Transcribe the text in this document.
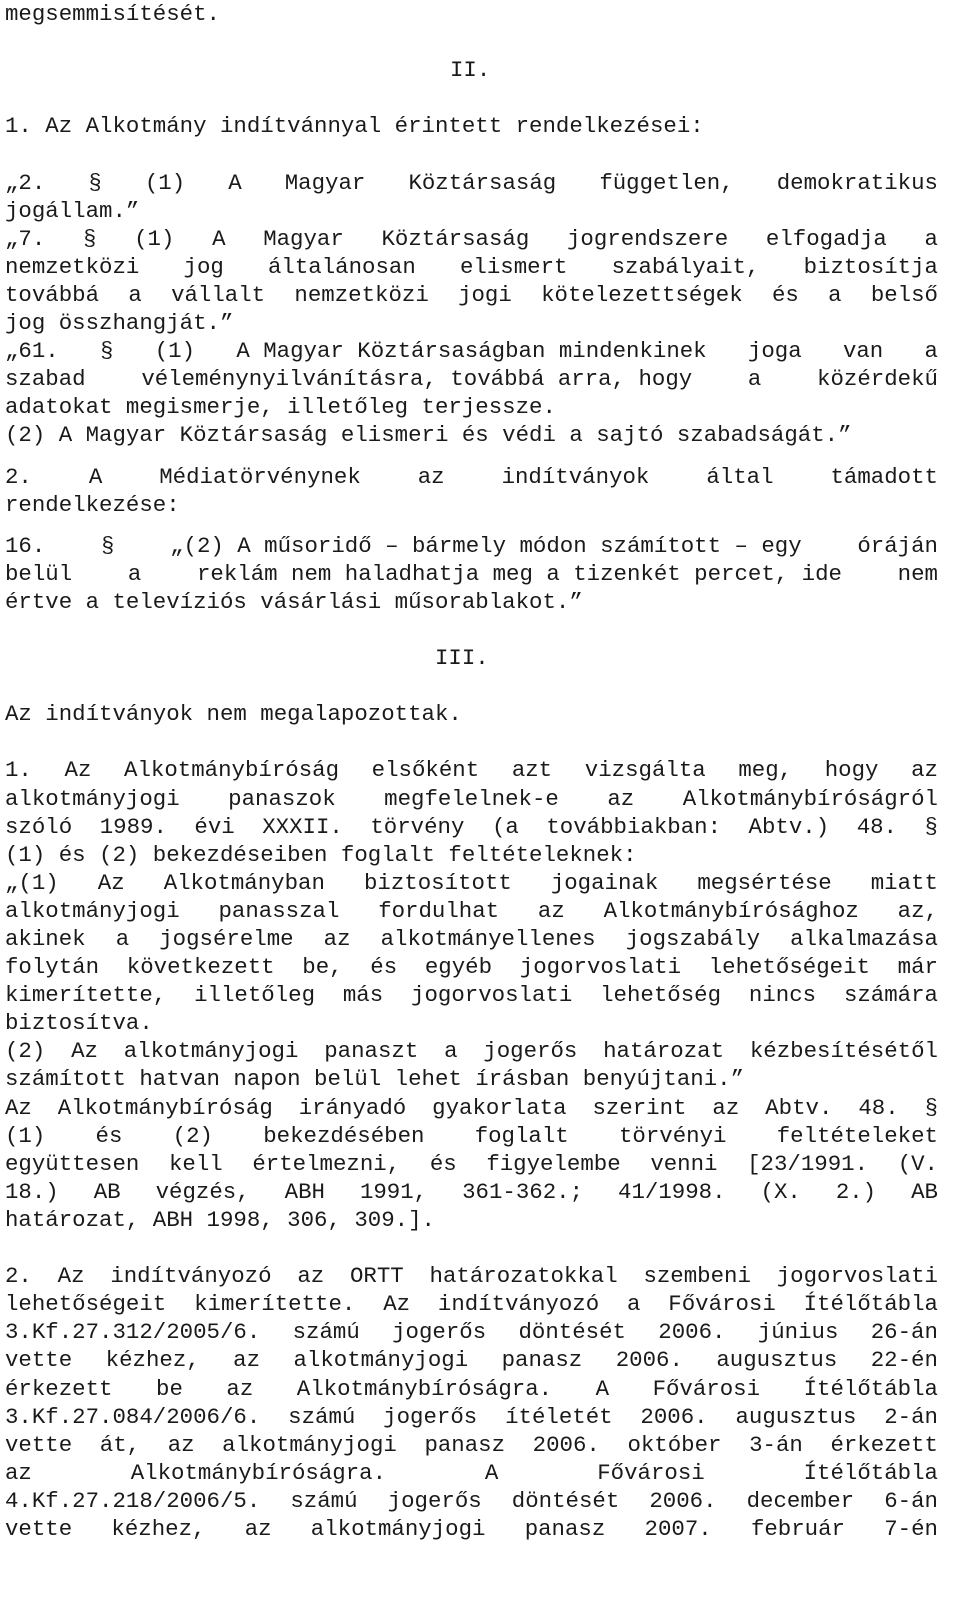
megsemmisítését.
II.
1. Az Alkotmány indítvánnyal érintett rendelkezései:
„2. § (1) A Magyar Köztársaság független, demokratikus
jogállam.”
„7. § (1) A Magyar Köztársaság jogrendszere elfogadja a
nemzetközi jog általánosan elismert szabályait, biztosítja
továbbá a vállalt nemzetközi jogi kötelezettségek és a belső
jog összhangját.”
„61. § (1) A Magyar Köztársaságban mindenkinek joga van a
szabad véleménynyilvánításra, továbbá arra, hogy a közérdekű
adatokat megismerje, illetőleg terjessze.
(2) A Magyar Köztársaság elismeri és védi a sajtó szabadságát.”
2.	A	Médiatörvénynek	az	indítványok	által	támadott
rendelkezése:
16. § „(2) A műsoridő – bármely módon számított – egy óráján
belül a reklám nem haladhatja meg a tizenkét percet, ide nem
értve a televíziós vásárlási műsorablakot.”
III.
Az indítványok nem megalapozottak.
1. Az Alkotmánybíróság elsőként azt vizsgálta meg, hogy az
alkotmányjogi panaszok megfelelnek-e az Alkotmánybíróságról
szóló 1989. évi XXXII. törvény (a továbbiakban: Abtv.) 48. §
(1) és (2) bekezdéseiben foglalt feltételeknek:
„(1) Az Alkotmányban biztosított jogainak megsértése miatt
alkotmányjogi panasszal fordulhat az Alkotmánybírósághoz az,
akinek a jogsérelme az alkotmányellenes jogszabály alkalmazása
folytán következett be, és egyéb jogorvoslati lehetőségeit már
kimerítette, illetőleg más jogorvoslati lehetőség nincs számára
biztosítva.
(2) Az alkotmányjogi panaszt a jogerős határozat kézbesítésétől
számított hatvan napon belül lehet írásban benyújtani.”
Az Alkotmánybíróság irányadó gyakorlata szerint az Abtv. 48. §
(1) és (2) bekezdésében foglalt törvényi feltételeket
együttesen kell értelmezni, és figyelembe venni [23/1991. (V.
18.) AB végzés, ABH 1991, 361-362.; 41/1998. (X. 2.) AB
határozat, ABH 1998, 306, 309.].
2. Az indítványozó az ORTT határozatokkal szembeni jogorvoslati
lehetőségeit kimerítette. Az indítványozó a Fővárosi Ítélőtábla
3.Kf.27.312/2005/6. számú jogerős döntését 2006. június 26-án
vette kézhez, az alkotmányjogi panasz 2006. augusztus 22-én
érkezett be az Alkotmánybíróságra. A Fővárosi Ítélőtábla
3.Kf.27.084/2006/6. számú jogerős ítéletét 2006. augusztus 2-án
vette át, az alkotmányjogi panasz 2006. október 3-án érkezett
az	Alkotmánybíróságra.	A	Fővárosi	Ítélőtábla
4.Kf.27.218/2006/5. számú jogerős döntését 2006. december 6-án
vette kézhez, az alkotmányjogi panasz 2007. február 7-én
